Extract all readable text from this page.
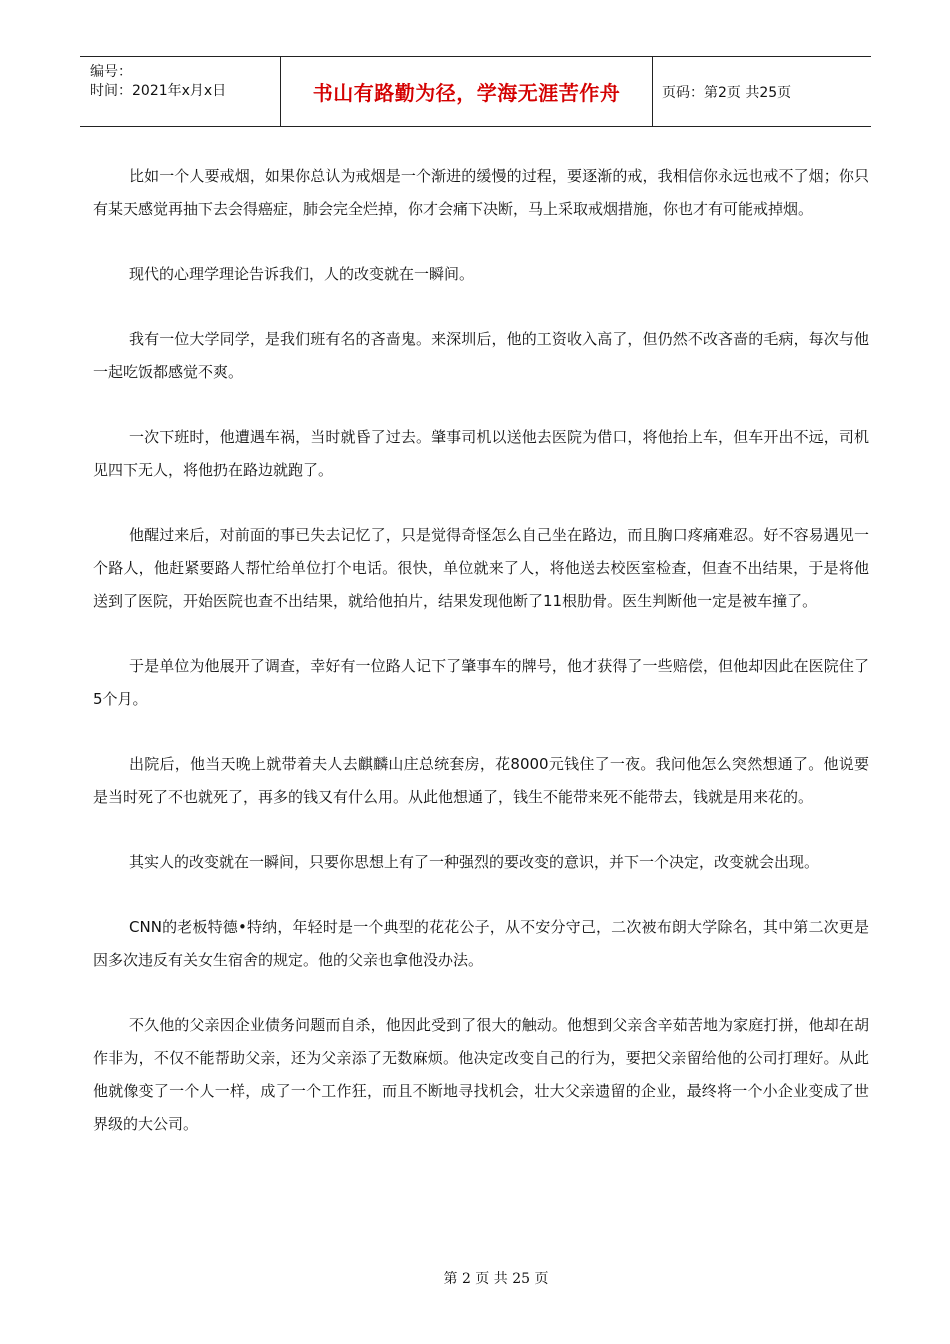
编号：
时间：2021年x月x日	书山有路勤为径，学海无涯苦作舟	页码：第2页 共25页

比如一个人要戒烟，如果你总认为戒烟是一个渐进的缓慢的过程，要逐渐的戒，我相信你永远也戒不了烟；你只有某天感觉再抽下去会得癌症，肺会完全烂掉，你才会痛下决断，马上采取戒烟措施，你也才有可能戒掉烟。

现代的心理学理论告诉我们，人的改变就在一瞬间。

我有一位大学同学，是我们班有名的吝啬鬼。来深圳后，他的工资收入高了，但仍然不改吝啬的毛病，每次与他一起吃饭都感觉不爽。

一次下班时，他遭遇车祸，当时就昏了过去。肇事司机以送他去医院为借口，将他抬上车，但车开出不远，司机见四下无人，将他扔在路边就跑了。

他醒过来后，对前面的事已失去记忆了，只是觉得奇怪怎么自己坐在路边，而且胸口疼痛难忍。好不容易遇见一个路人，他赶紧要路人帮忙给单位打个电话。很快，单位就来了人，将他送去校医室检查，但查不出结果，于是将他送到了医院，开始医院也查不出结果，就给他拍片，结果发现他断了11根肋骨。医生判断他一定是被车撞了。

于是单位为他展开了调查，幸好有一位路人记下了肇事车的牌号，他才获得了一些赔偿，但他却因此在医院住了5个月。

出院后，他当天晚上就带着夫人去麒麟山庄总统套房，花8000元钱住了一夜。我问他怎么突然想通了。他说要是当时死了不也就死了，再多的钱又有什么用。从此他想通了，钱生不能带来死不能带去，钱就是用来花的。

其实人的改变就在一瞬间，只要你思想上有了一种强烈的要改变的意识，并下一个决定，改变就会出现。

CNN的老板特德•特纳，年轻时是一个典型的花花公子，从不安分守己，二次被布朗大学除名，其中第二次更是因多次违反有关女生宿舍的规定。他的父亲也拿他没办法。

不久他的父亲因企业债务问题而自杀，他因此受到了很大的触动。他想到父亲含辛茹苦地为家庭打拼，他却在胡作非为，不仅不能帮助父亲，还为父亲添了无数麻烦。他决定改变自己的行为，要把父亲留给他的公司打理好。从此他就像变了一个人一样，成了一个工作狂，而且不断地寻找机会，壮大父亲遗留的企业，最终将一个小企业变成了世界级的大公司。

第 2 页 共 25 页
